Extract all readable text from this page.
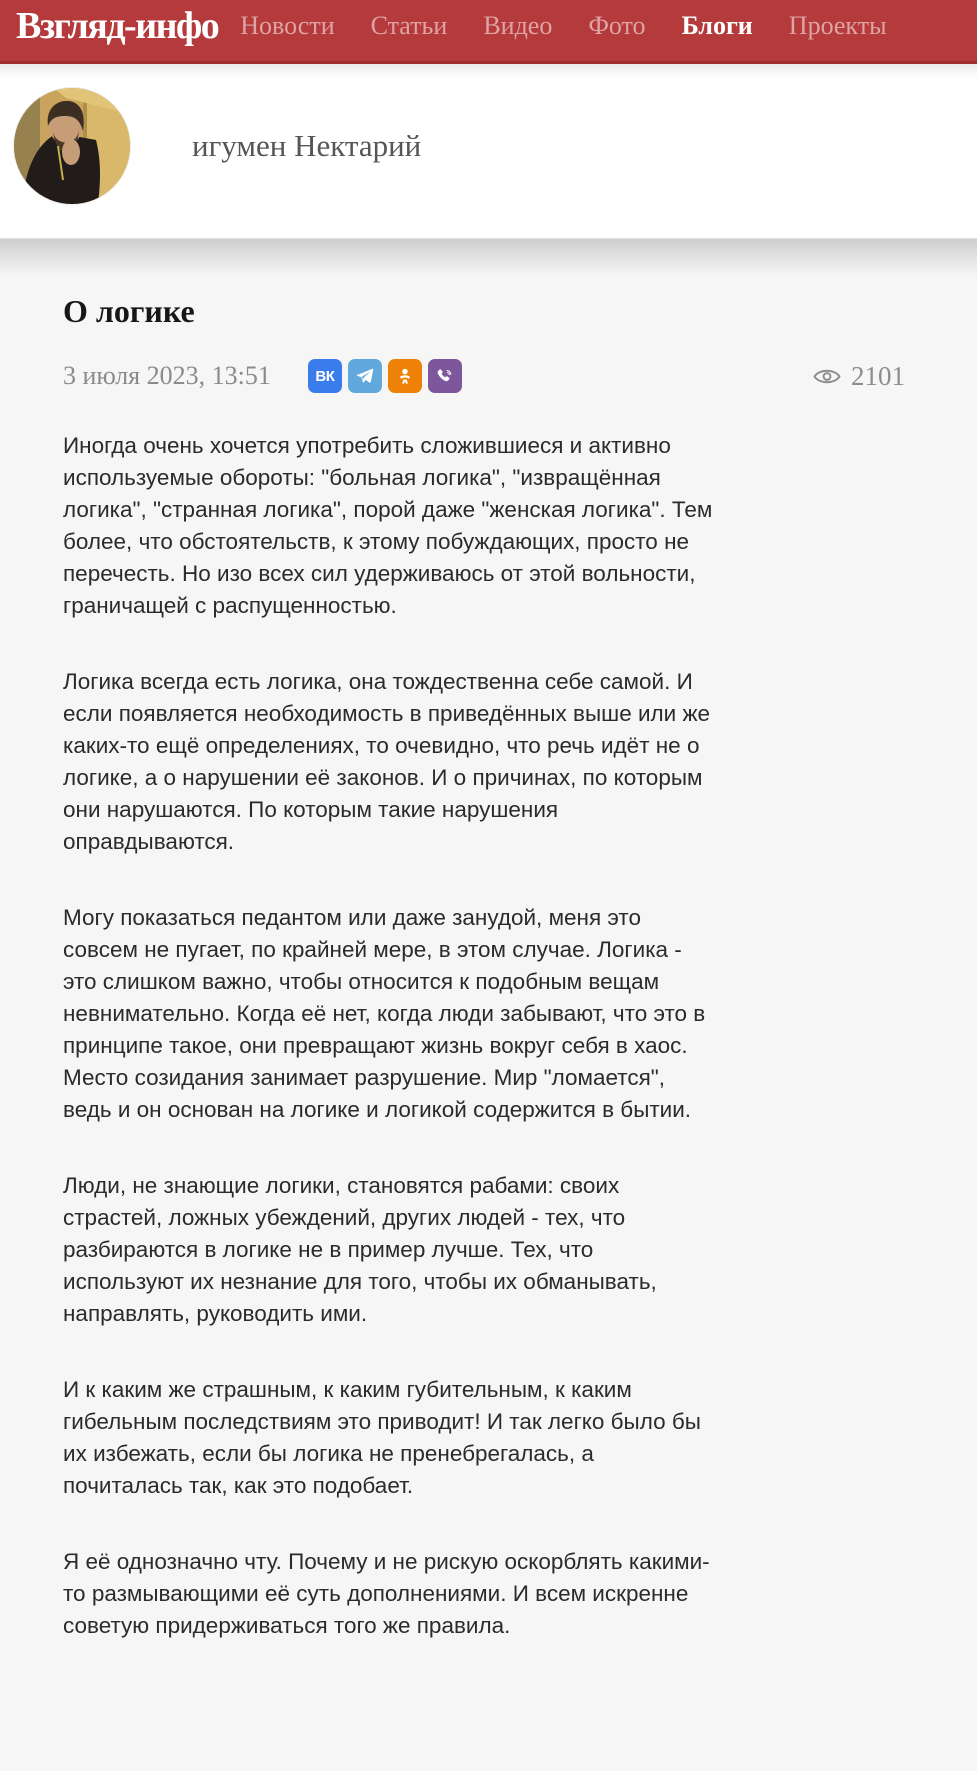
Взгляд-инфо Новости Статьи Видео Фото Блоги Проекты
игумен Нектарий
О логике
3 июля 2023, 13:51	ВК	2101

Иногда очень хочется употребить сложившиеся и активно используемые обороты: "больная логика", "извращённая логика", "странная логика", порой даже "женская логика". Тем более, что обстоятельств, к этому побуждающих, просто не перечесть. Но изо всех сил удерживаюсь от этой вольности, граничащей с распущенностью.

Логика всегда есть логика, она тождественна себе самой. И если появляется необходимость в приведённых выше или же каких-то ещё определениях, то очевидно, что речь идёт не о логике, а о нарушении её законов. И о причинах, по которым они нарушаются. По которым такие нарушения оправдываются.

Могу показаться педантом или даже занудой, меня это совсем не пугает, по крайней мере, в этом случае. Логика - это слишком важно, чтобы относится к подобным вещам невнимательно. Когда её нет, когда люди забывают, что это в принципе такое, они превращают жизнь вокруг себя в хаос. Место созидания занимает разрушение. Мир "ломается", ведь и он основан на логике и логикой содержится в бытии.

Люди, не знающие логики, становятся рабами: своих страстей, ложных убеждений, других людей - тех, что разбираются в логике не в пример лучше. Тех, что используют их незнание для того, чтобы их обманывать, направлять, руководить ими.

И к каким же страшным, к каким губительным, к каким гибельным последствиям это приводит! И так легко было бы их избежать, если бы логика не пренебрегалась, а почиталась так, как это подобает.

Я её однозначно чту. Почему и не рискую оскорблять какими-то размывающими её суть дополнениями. И всем искренне советую придерживаться того же правила.
